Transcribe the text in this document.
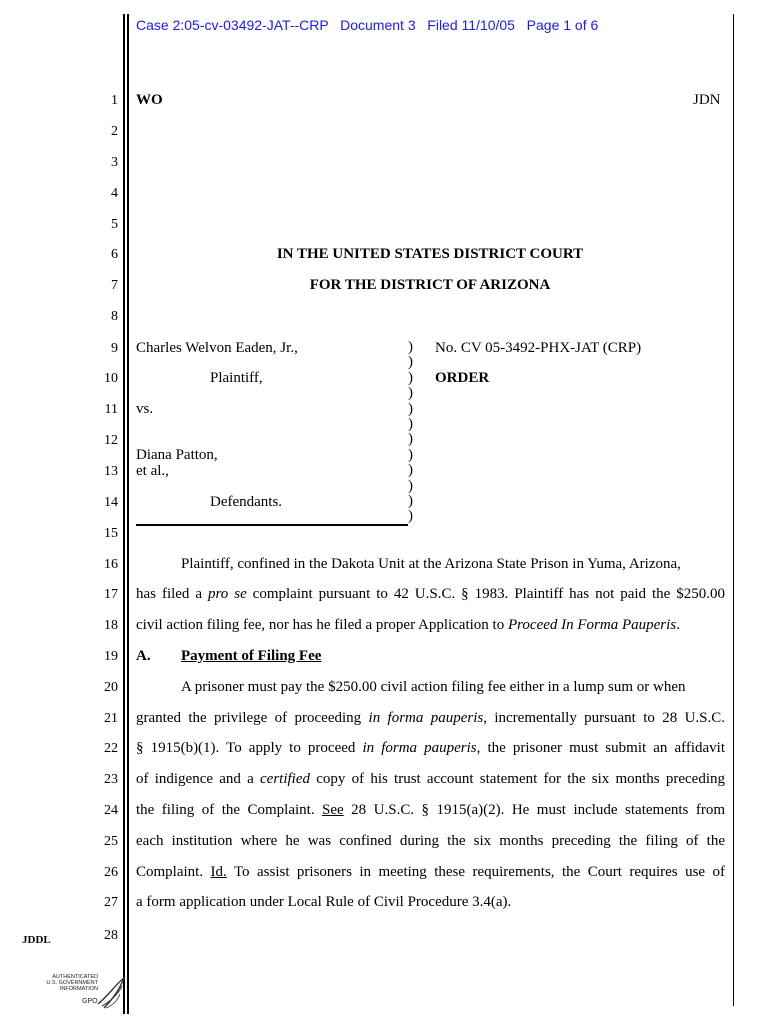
Case 2:05-cv-03492-JAT--CRP Document 3 Filed 11/10/05 Page 1 of 6
1
2
3
4
5
6
7
8
9
10
11
12
13
14
15
16
17
18
19
20
21
22
23
24
25
26
27
28
WO	JDN
IN THE UNITED STATES DISTRICT COURT
FOR THE DISTRICT OF ARIZONA
Charles Welvon Eaden, Jr.,
Plaintiff,
vs.
Diana Patton,
et al.,
Defendants.
)
)
)
)
)
)
)
)
)
)
)
)
No. CV 05-3492-PHX-JAT (CRP)
ORDER
Plaintiff, confined in the Dakota Unit at the Arizona State Prison in Yuma, Arizona,
has filed a pro se complaint pursuant to 42 U.S.C. § 1983. Plaintiff has not paid the $250.00
civil action filing fee, nor has he filed a proper Application to Proceed In Forma Pauperis.
A. Payment of Filing Fee
A prisoner must pay the $250.00 civil action filing fee either in a lump sum or when
granted the privilege of proceeding in forma pauperis, incrementally pursuant to 28 U.S.C.
§ 1915(b)(1). To apply to proceed in forma pauperis, the prisoner must submit an affidavit
of indigence and a certified copy of his trust account statement for the six months preceding
the filing of the Complaint. See 28 U.S.C. § 1915(a)(2). He must include statements from
each institution where he was confined during the six months preceding the filing of the
Complaint. Id. To assist prisoners in meeting these requirements, the Court requires use of
a form application under Local Rule of Civil Procedure 3.4(a).
JDDL
AUTHENTICATED
U.S. GOVERNMENT
INFORMATION
GPO
